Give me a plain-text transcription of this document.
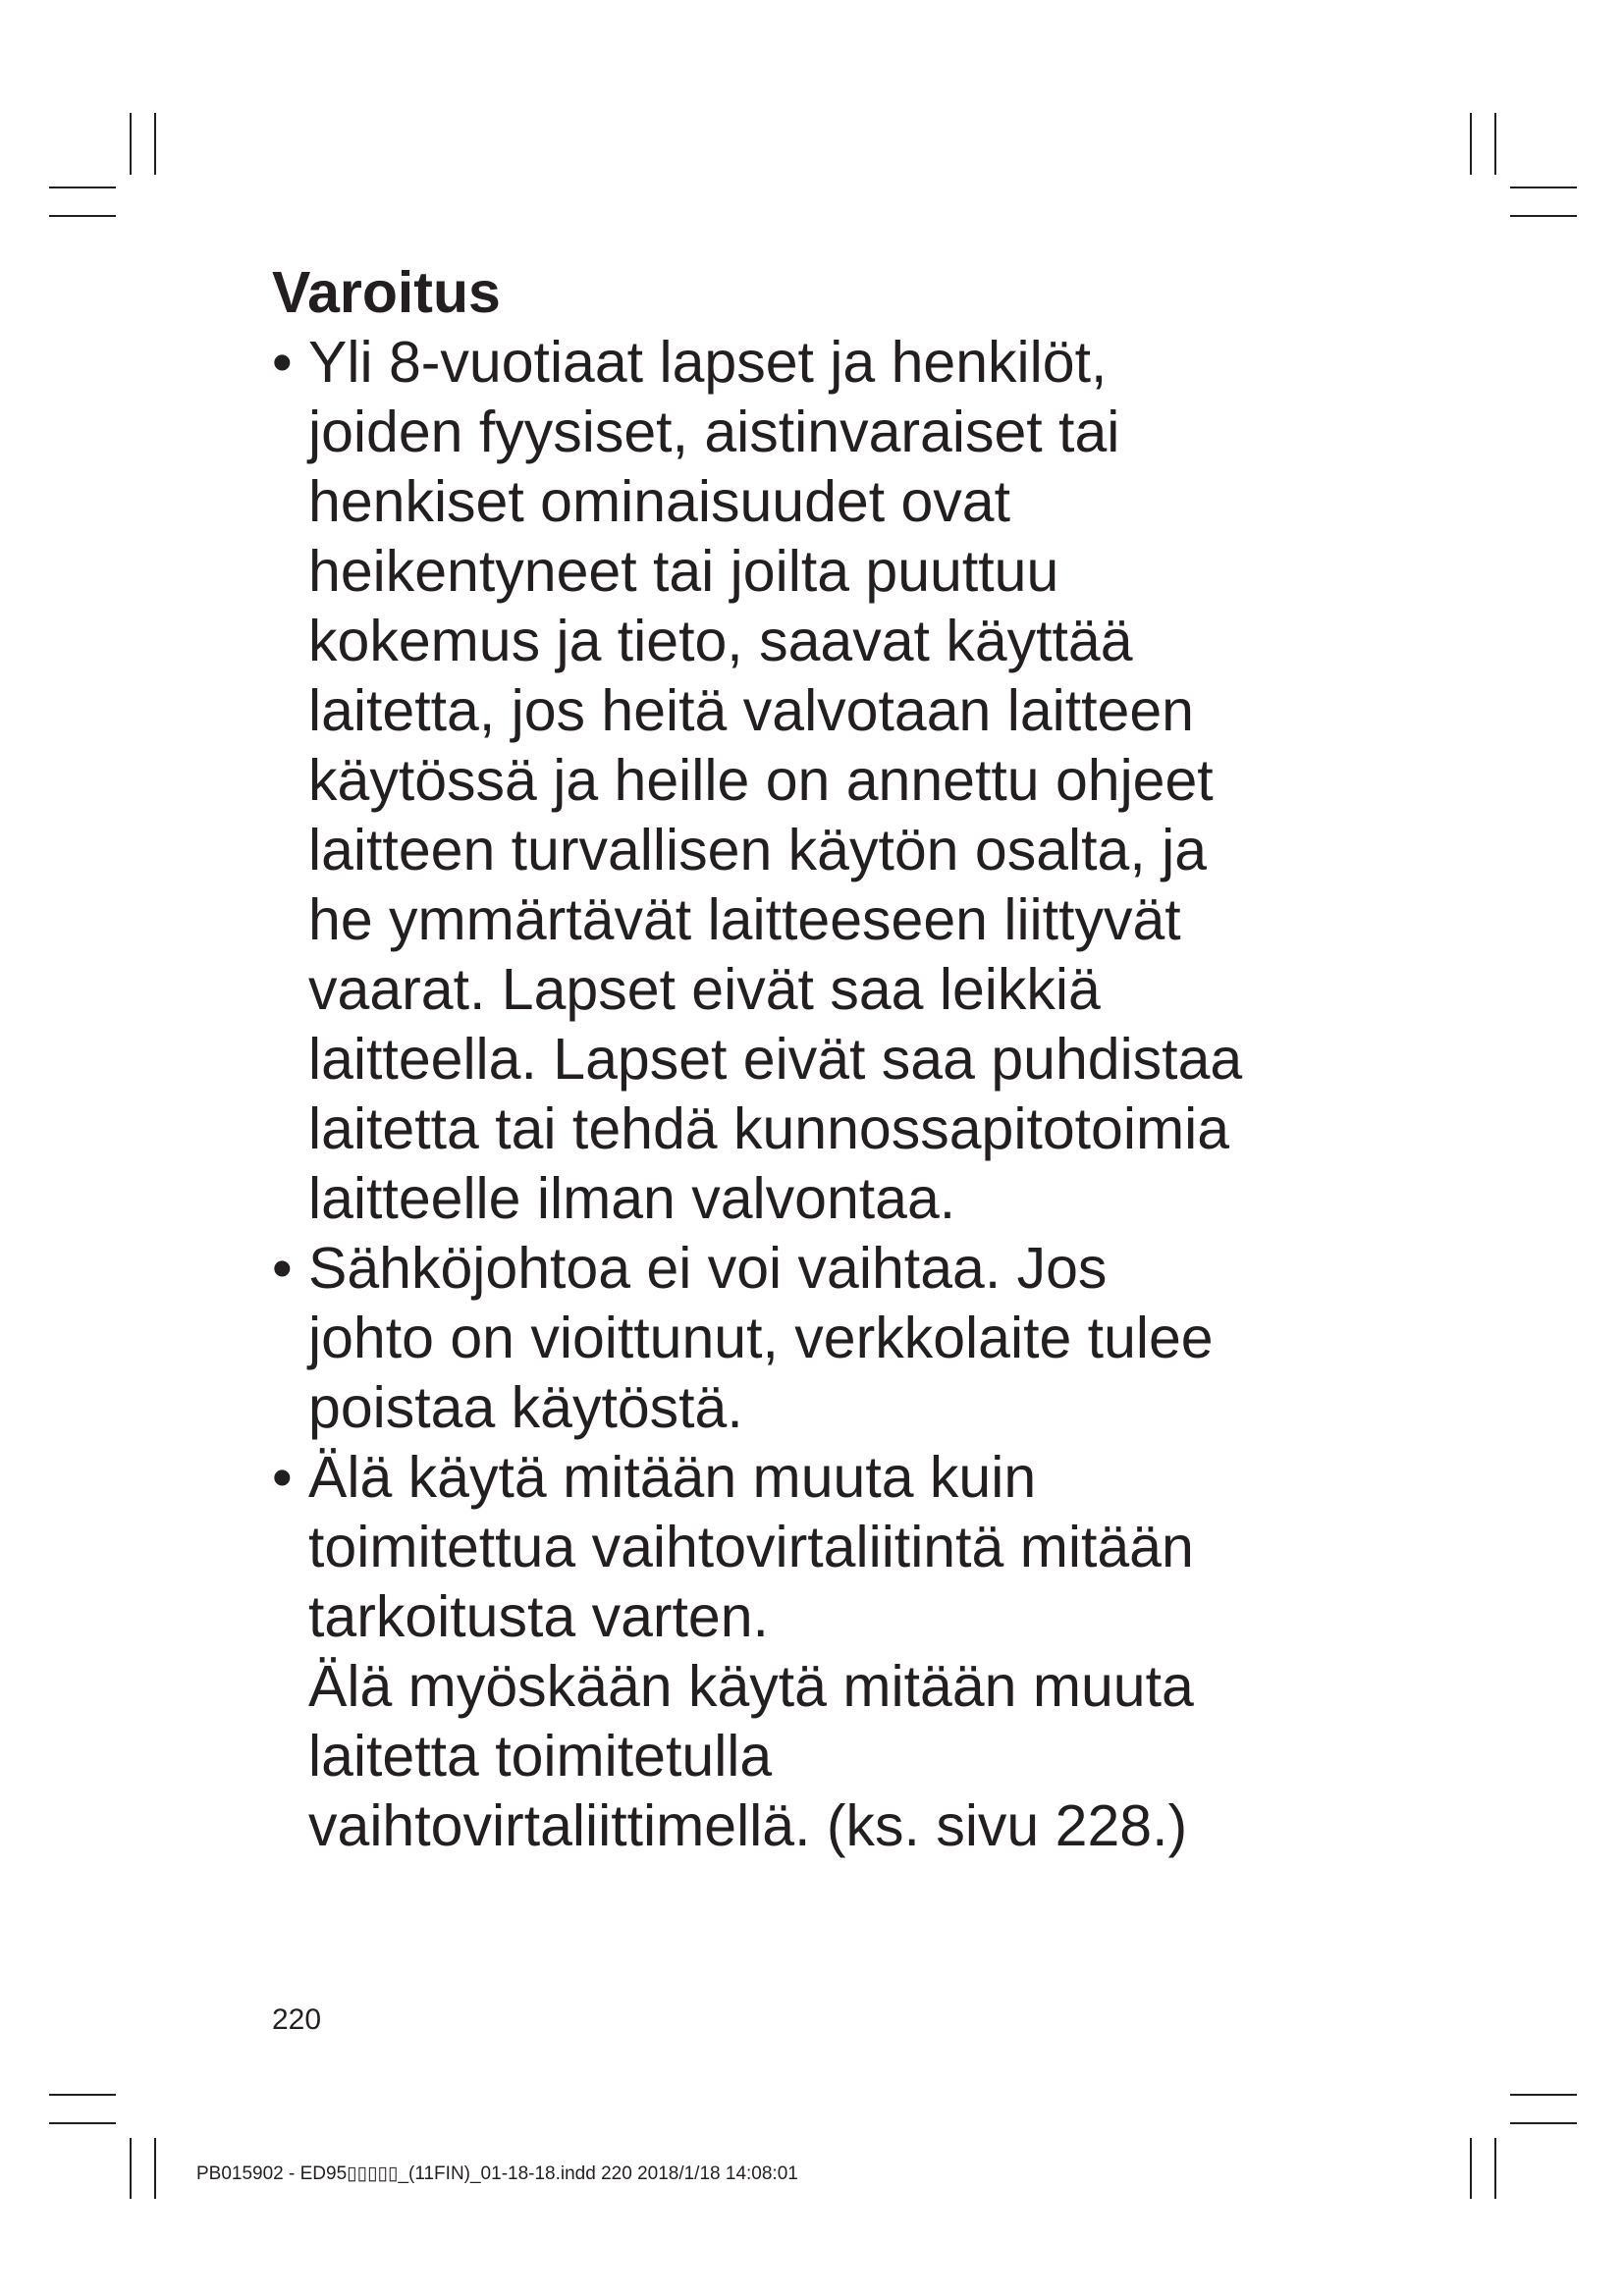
Varoitus
• Yli 8-vuotiaat lapset ja henkilöt,
joiden fyysiset, aistinvaraiset tai
henkiset ominaisuudet ovat
heikentyneet tai joilta puuttuu
kokemus ja tieto, saavat käyttää
laitetta, jos heitä valvotaan laitteen
käytössä ja heille on annettu ohjeet
laitteen turvallisen käytön osalta, ja
he ymmärtävät laitteeseen liittyvät
vaarat. Lapset eivät saa leikkiä
laitteella. Lapset eivät saa puhdistaa
laitetta tai tehdä kunnossapitotoimia
laitteelle ilman valvontaa.
• Sähköjohtoa ei voi vaihtaa. Jos
johto on vioittunut, verkkolaite tulee
poistaa käytöstä.
• Älä käytä mitään muuta kuin
toimitettua vaihtovirtaliitintä mitään
tarkoitusta varten.
Älä myöskään käytä mitään muuta
laitetta toimitetulla
vaihtovirtaliittimellä. (ks. sivu 228.)
220
PB015902 - ED95▯▯▯▯▯_(11FIN)_01-18-18.indd 220 2018/1/18 14:08:01
